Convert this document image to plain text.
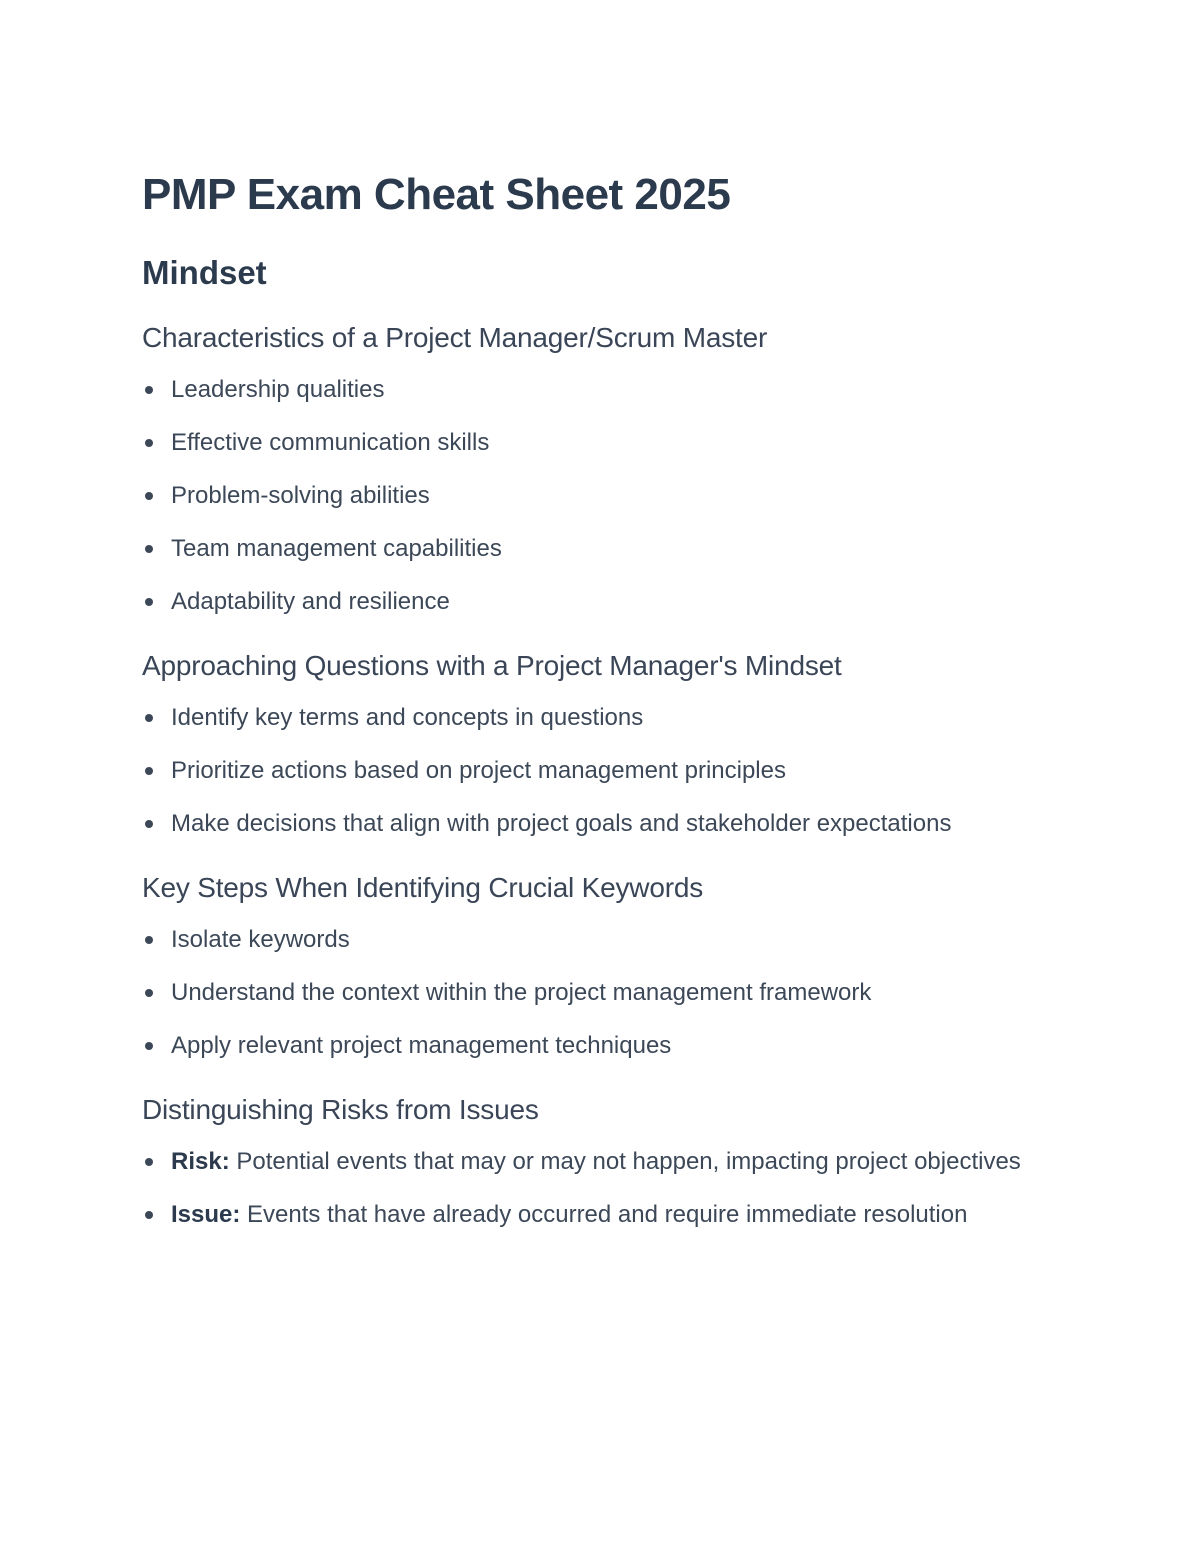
PMP Exam Cheat Sheet 2025
Mindset
Characteristics of a Project Manager/Scrum Master
Leadership qualities
Effective communication skills
Problem-solving abilities
Team management capabilities
Adaptability and resilience
Approaching Questions with a Project Manager's Mindset
Identify key terms and concepts in questions
Prioritize actions based on project management principles
Make decisions that align with project goals and stakeholder expectations
Key Steps When Identifying Crucial Keywords
Isolate keywords
Understand the context within the project management framework
Apply relevant project management techniques
Distinguishing Risks from Issues
Risk: Potential events that may or may not happen, impacting project objectives
Issue: Events that have already occurred and require immediate resolution
